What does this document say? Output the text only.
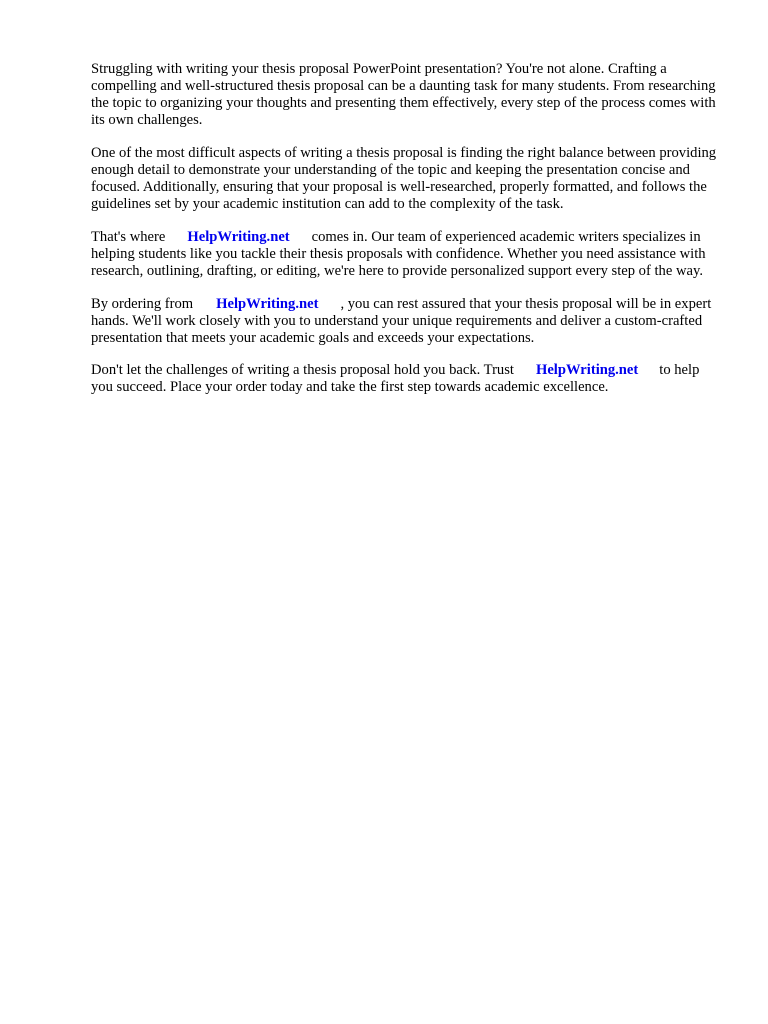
Struggling with writing your thesis proposal PowerPoint presentation? You're not alone. Crafting a compelling and well-structured thesis proposal can be a daunting task for many students. From researching the topic to organizing your thoughts and presenting them effectively, every step of the process comes with its own challenges.

One of the most difficult aspects of writing a thesis proposal is finding the right balance between providing enough detail to demonstrate your understanding of the topic and keeping the presentation concise and focused. Additionally, ensuring that your proposal is well-researched, properly formatted, and follows the guidelines set by your academic institution can add to the complexity of the task.

That's where HelpWriting.net comes in. Our team of experienced academic writers specializes in helping students like you tackle their thesis proposals with confidence. Whether you need assistance with research, outlining, drafting, or editing, we're here to provide personalized support every step of the way.

By ordering from HelpWriting.net , you can rest assured that your thesis proposal will be in expert hands. We'll work closely with you to understand your unique requirements and deliver a custom-crafted presentation that meets your academic goals and exceeds your expectations.

Don't let the challenges of writing a thesis proposal hold you back. Trust HelpWriting.net to help you succeed. Place your order today and take the first step towards academic excellence.
